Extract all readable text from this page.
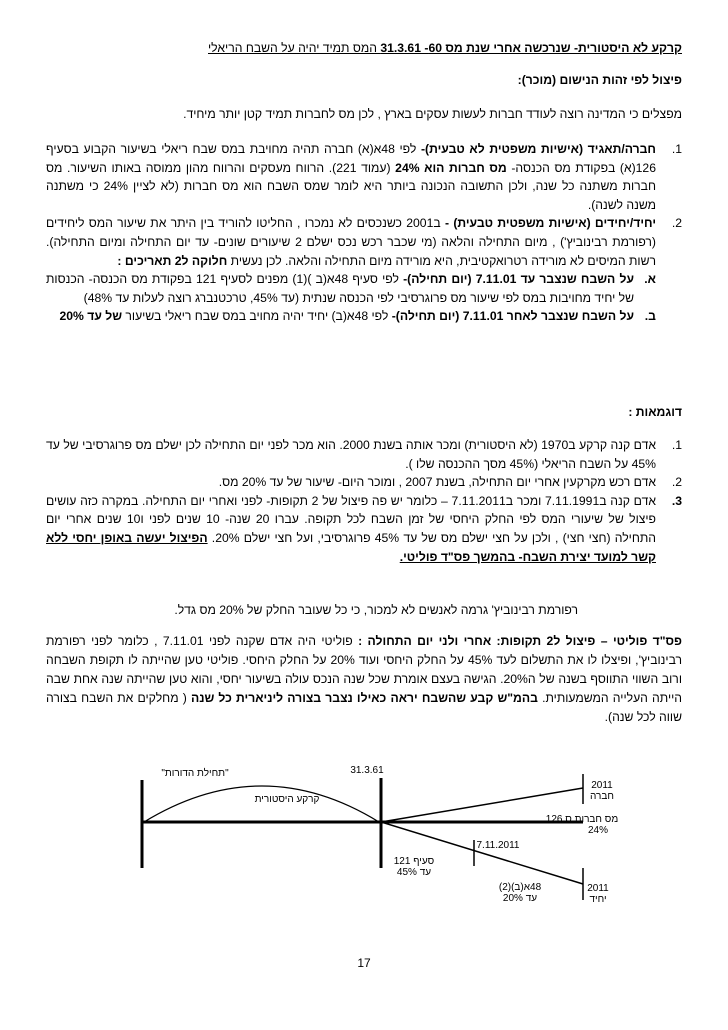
קרקע לא היסטורית- שנרכשה אחרי שנת מס 60- 31.3.61 המס תמיד יהיה על השבח הריאלי
פיצול לפי זהות הנישום (מוכר):
מפצלים כי המדינה רוצה לעודד חברות לעשות עסקים בארץ , לכן מס לחברות תמיד קטן יותר מיחיד.
1.
חברה/תאגיד (אישיות משפטית לא טבעית)- לפי 48א(א) חברה תהיה מחויבת במס שבח ריאלי בשיעור הקבוע בסעיף 126(א) בפקודת מס הכנסה- מס חברות הוא 24% (עמוד 221). הרווח מעסקים והרווח מהון ממוסה באותו השיעור. מס חברות משתנה כל שנה, ולכן התשובה הנכונה ביותר היא לומר שמס השבח הוא מס חברות (לא לציין 24% כי משתנה משנה לשנה).
2.
יחיד/יחידים (אישיות משפטית טבעית) - ב2001 כשנכסים לא נמכרו , החליטו להוריד בין היתר את שיעור המס ליחידים (רפורמת רבינוביץ') , מיום התחילה והלאה (מי שכבר רכש נכס ישלם 2 שיעורים שונים- עד יום התחילה ומיום התחילה). רשות המיסים לא מורידה רטרואקטיבית, היא מורידה מיום התחילה והלאה. לכן נעשית חלוקה ל2 תאריכים :
א.
על השבח שנצבר עד 7.11.01 (יום תחילה)- לפי סעיף 48א(ב )(1) מפנים לסעיף 121 בפקודת מס הכנסה- הכנסות של יחיד מחויבות במס לפי שיעור מס פרוגרסיבי לפי הכנסה שנתית (עד 45%, טרכטנברג רוצה לעלות עד 48%)
ב.
על השבח שנצבר לאחר 7.11.01 (יום תחילה)- לפי 48א(ב) יחיד יהיה מחויב במס שבח ריאלי בשיעור של עד 20%
דוגמאות :
1.
אדם קנה קרקע ב1970 (לא היסטורית) ומכר אותה בשנת 2000. הוא מכר לפני יום התחילה לכן ישלם מס פרוגרסיבי של עד 45% על השבח הריאלי (45% מסך ההכנסה שלו ).
2.
אדם רכש מקרקעין אחרי יום התחילה, בשנת 2007 , ומוכר היום- שיעור של עד 20% מס.
3.
אדם קנה ב7.11.1991 ומכר ב7.11.2011 – כלומר יש פה פיצול של 2 תקופות- לפני ואחרי יום התחילה. במקרה כזה עושים פיצול של שיעורי המס לפי החלק היחסי של זמן השבח לכל תקופה. עברו 20 שנה- 10 שנים לפני ו10 שנים אחרי יום התחילה (חצי חצי) , ולכן על חצי ישלם מס של עד 45% פרוגרסיבי, ועל חצי ישלם 20%. הפיצול יעשה באופן יחסי ללא קשר למועד יצירת השבח- בהמשך פס"ד פוליטי.
רפורמת רבינוביץ' גרמה לאנשים לא למכור, כי כל שעובר החלק של 20% מס גדל.
פס"ד פוליטי – פיצול ל2 תקופות: אחרי ולני יום התחולה : פוליטי היה אדם שקנה לפני 7.11.01 , כלומר לפני רפורמת רבינוביץ', ופיצלו לו את התשלום לעד 45% על החלק היחסי ועוד 20% על החלק היחסי. פוליטי טען שהייתה לו תקופת השבחה ורוב השווי התווסף בשנה של ה20%. הגישה בעצם אומרת שכל שנה הנכס עולה בשיעור יחסי, והוא טען שהייתה שנה אחת שבה הייתה העלייה המשמעותית. בהמ"ש קבע שהשבח יראה כאילו נצבר בצורה ליניארית כל שנה ( מחלקים את השבח בצורה שווה לכל שנה).
"תחילת הדורות"
קרקע היסטורית
31.3.61
7.11.2011
סעיף 121
עד 45%
48א(ב)(2)
עד 20%
2011
חברה
מס חברות ס 126
24%
2011
יחיד
17
